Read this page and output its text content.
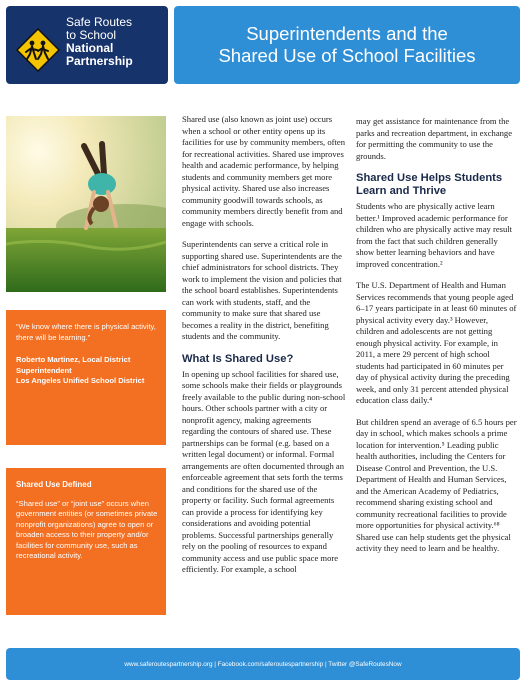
Safe Routes
to School
National
Partnership
Superintendents and the
Shared Use of School Facilities
“We know where there is physical activity, there will be learning.”
Roberto Martinez, Local District Superintendent
Los Angeles Unified School District
Shared Use Defined
“Shared use” or “joint use” occurs when government entities (or sometimes private nonprofit organizations) agree to open or broaden access to their property and/or facilities for community use, such as recreational activity.

Shared use (also known as joint use) occurs when a school or other entity opens up its facilities for use by community members, often for recreational activities. Shared use improves health and academic performance, by helping students and community members get more physical activity. Shared use also increases community goodwill towards schools, as community members directly benefit from and engage with schools.

Superintendents can serve a critical role in supporting shared use. Superintendents are the chief administrators for school districts. They work to implement the vision and policies that the school board establishes. Superintendents can work with students, staff, and the community to make sure that shared use becomes a reality in the district, benefiting students and the community.

What Is Shared Use?

In opening up school facilities for shared use, some schools make their fields or playgrounds freely available to the public during non-school hours. Other schools partner with a city or nonprofit agency, making agreements regarding the contours of shared use. These partnerships can be formal (e.g. based on a written legal document) or informal. Formal arrangements are often documented through an enforceable agreement that sets forth the terms and conditions for the shared use of the property or facility. Such formal agreements can provide a process for identifying key considerations and avoiding potential problems. Successful partnerships generally rely on the pooling of resources to expand community access and use public space more efficiently. For example, a school

may get assistance for maintenance from the parks and recreation department, in exchange for permitting the community to use the grounds.

Shared Use Helps Students Learn and Thrive

Students who are physically active learn better.¹ Improved academic performance for children who are physically active may result from the fact that such children generally show better learning behaviors and have improved concentration.²

The U.S. Department of Health and Human Services recommends that young people aged 6–17 years participate in at least 60 minutes of physical activity every day.³ However, children and adolescents are not getting enough physical activity. For example, in 2011, a mere 29 percent of high school students had participated in 60 minutes per day of physical activity during the preceding week, and only 31 percent attended physical education class daily.⁴

But children spend an average of 6.5 hours per day in school, which makes schools a prime location for intervention.⁵ Leading public health authorities, including the Centers for Disease Control and Prevention, the U.S. Department of Health and Human Services, and the American Academy of Pediatrics, recommend sharing existing school and community recreational facilities to provide more opportunities for physical activity.⁶⁸ Shared use can help students get the physical activity they need to learn and be healthy.

www.saferoutespartnership.org | Facebook.com/saferoutespartnership | Twitter @SafeRoutesNow
